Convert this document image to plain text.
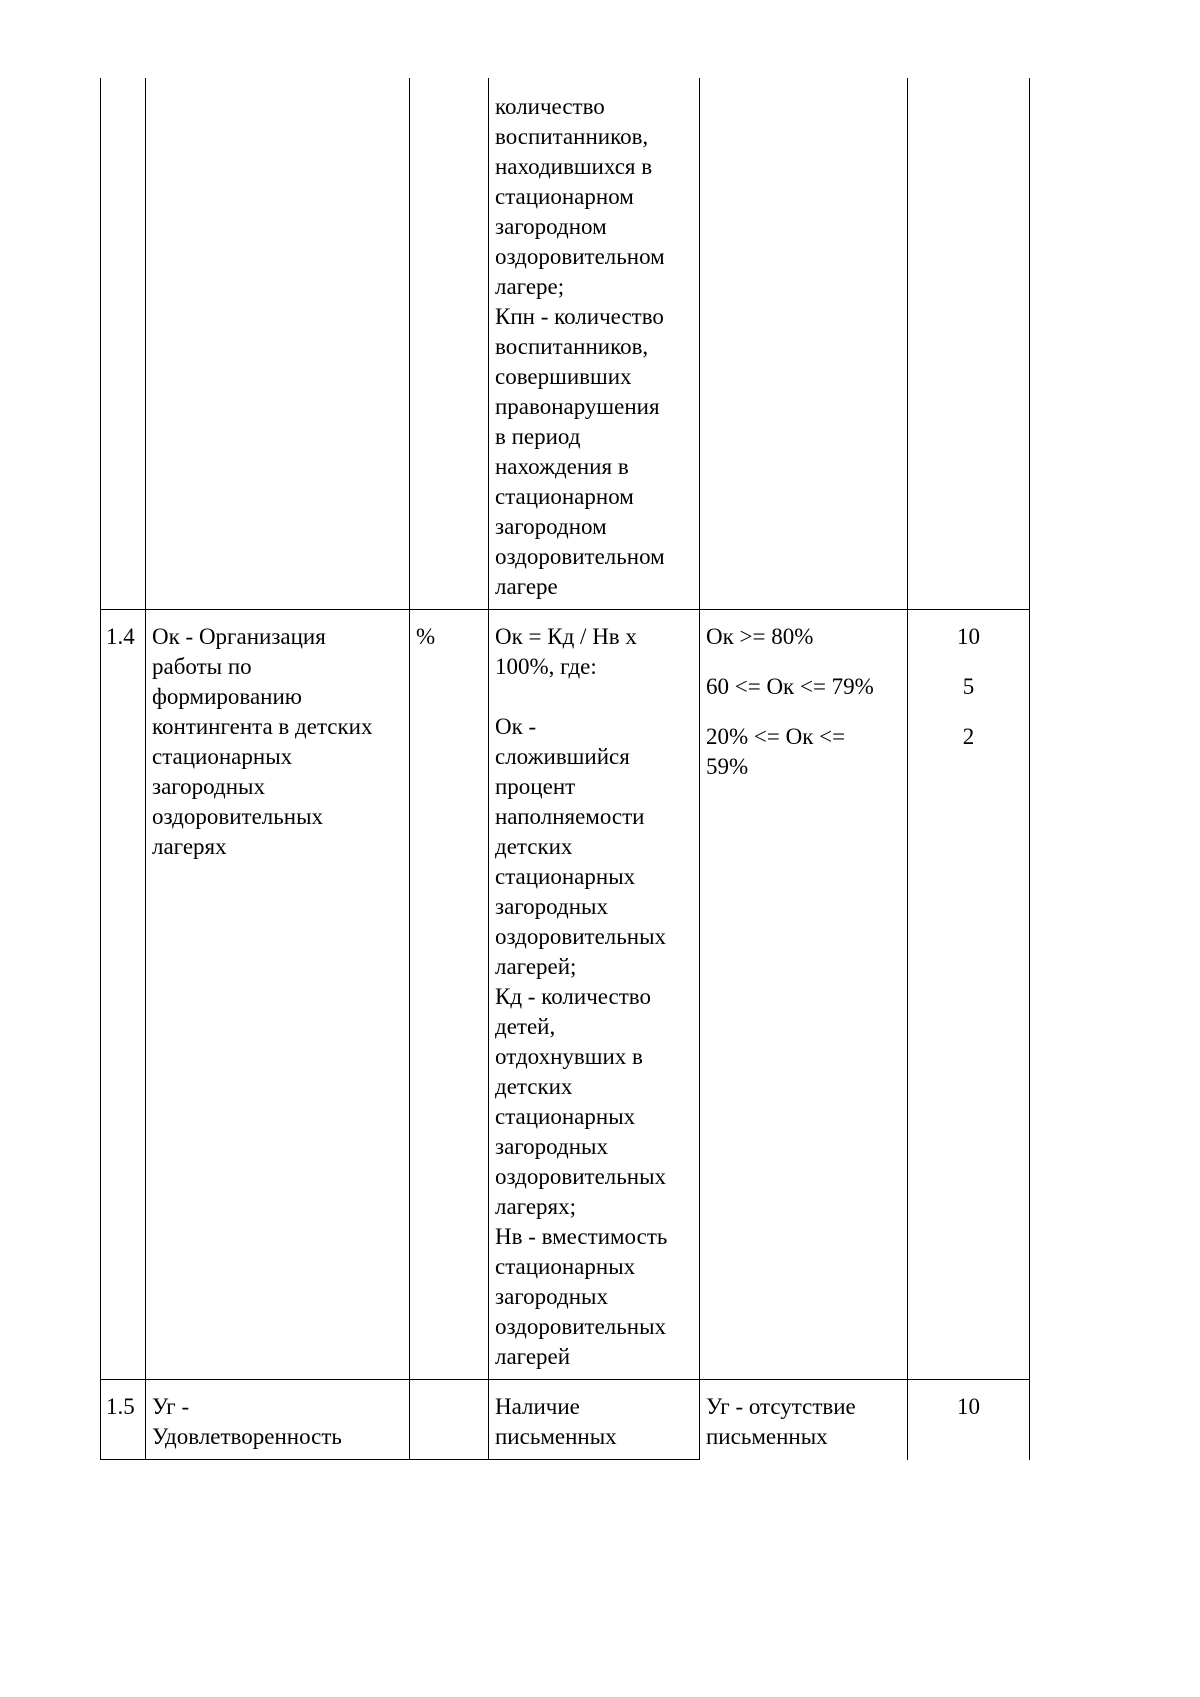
количество
воспитанников,
находившихся в
стационарном
загородном
оздоровительном
лагере;
Кпн - количество
воспитанников,
совершивших
правонарушения
в период
нахождения в
стационарном
загородном
оздоровительном
лагере
1.4 Ок - Организация
работы по
формированию
контингента в детских
стационарных
загородных
оздоровительных
лагерях
%	Ок = Кд / Нв х
100%, где:
Ок -
сложившийся
процент
наполняемости
детских
стационарных
загородных
оздоровительных
лагерей;
Кд - количество
детей,
отдохнувших в
детских
стационарных
загородных
оздоровительных
лагерях;
Нв - вместимость
стационарных
загородных
оздоровительных
лагерей
Ок >= 80%
60 <= Ок <= 79%
20% <= Ок <=
59%
10
5
2
1.5 Уг -
Удовлетворенность
Наличие
письменных
Уг - отсутствие
письменных
10
